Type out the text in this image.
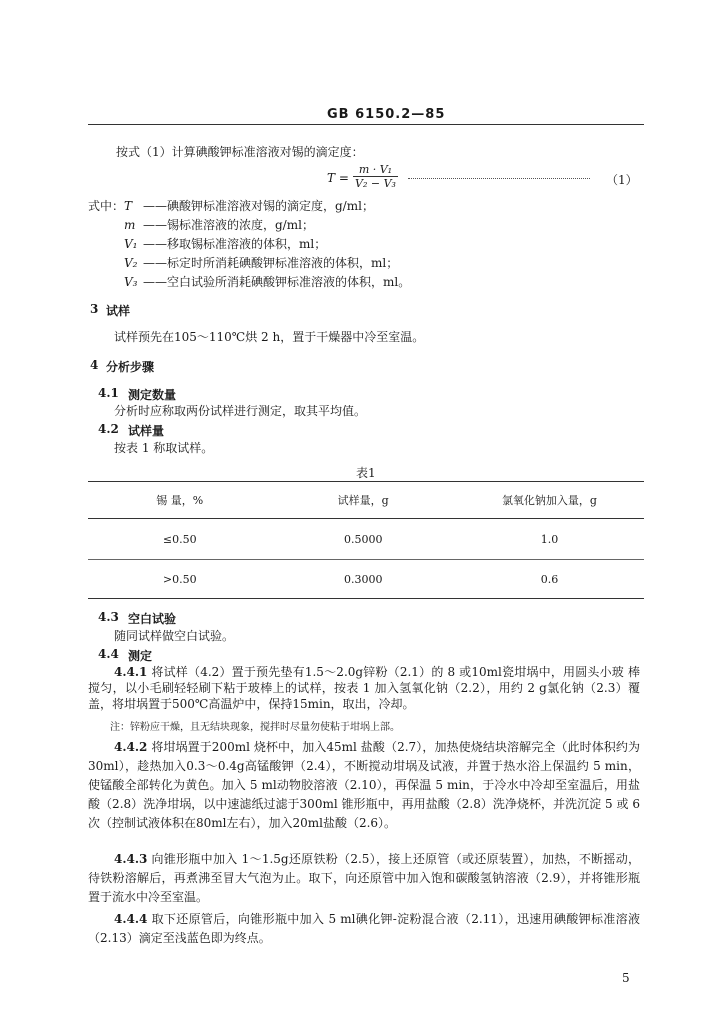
GB 6150.2—85
按式（1）计算碘酸钾标准溶液对锡的滴定度：
$T = \frac{\text{m · V₁}}{\text{V₂ − V₃}}$	（1）
式中： T ——碘酸钾标准溶液对锡的滴定度，g/ml；
m ——锡标准溶液的浓度，g/ml；
V₁ ——移取锡标准溶液的体积，ml；
V₂ ——标定时所消耗碘酸钾标准溶液的体积，ml；
V₃ ——空白试验所消耗碘酸钾标准溶液的体积，ml。
3 试样
试样预先在105～110℃烘 2 h，置于干燥器中冷至室温。
4 分析步骤
4.1 测定数量
分析时应称取两份试样进行测定，取其平均值。
4.2 试样量
按表 1 称取试样。
表1
锡 量，%	试样量，g	氯氧化钠加入量，g
≤0.50	0.5000	1.0
>0.50	0.3000	0.6
4.3 空白试验
随同试样做空白试验。
4.4 测定
4.4.1 将试样（4.2）置于预先垫有1.5～2.0g锌粉（2.1）的 8 或10ml瓷坩埚中，用圆头小玻 棒搅匀，以小毛刷轻轻刷下粘于玻棒上的试样，按表 1 加入氢氧化钠（2.2），用约 2 g氯化钠（2.3）覆盖，将坩埚置于500℃高温炉中，保持15min，取出，冷却。
注：锌粉应干燥，且无结块现象，搅拌时尽量勿使粘于坩埚上部。
4.4.2 将坩埚置于200ml 烧杯中，加入45ml 盐酸（2.7），加热使烧结块溶解完全（此时体积约为30ml），趁热加入0.3～0.4g高锰酸钾（2.4），不断搅动坩埚及试液，并置于热水浴上保温约 5 min，使锰酸全部转化为黄色。加入 5 ml动物胶溶液（2.10），再保温 5 min，于冷水中冷却至室温后，用盐酸（2.8）洗净坩埚，以中速滤纸过滤于300ml 锥形瓶中，再用盐酸（2.8）洗净烧杯，并洗沉淀 5 或 6 次（控制试液体积在80ml左右），加入20ml盐酸（2.6）。
4.4.3 向锥形瓶中加入 1～1.5g还原铁粉（2.5），接上还原管（或还原装置），加热，不断摇动，待铁粉溶解后，再煮沸至冒大气泡为止。取下，向还原管中加入饱和碳酸氢钠溶液（2.9），并将锥形瓶置于流水中冷至室温。
4.4.4 取下还原管后，向锥形瓶中加入 5 ml碘化钾-淀粉混合液（2.11），迅速用碘酸钾标准溶液（2.13）滴定至浅蓝色即为终点。
5
